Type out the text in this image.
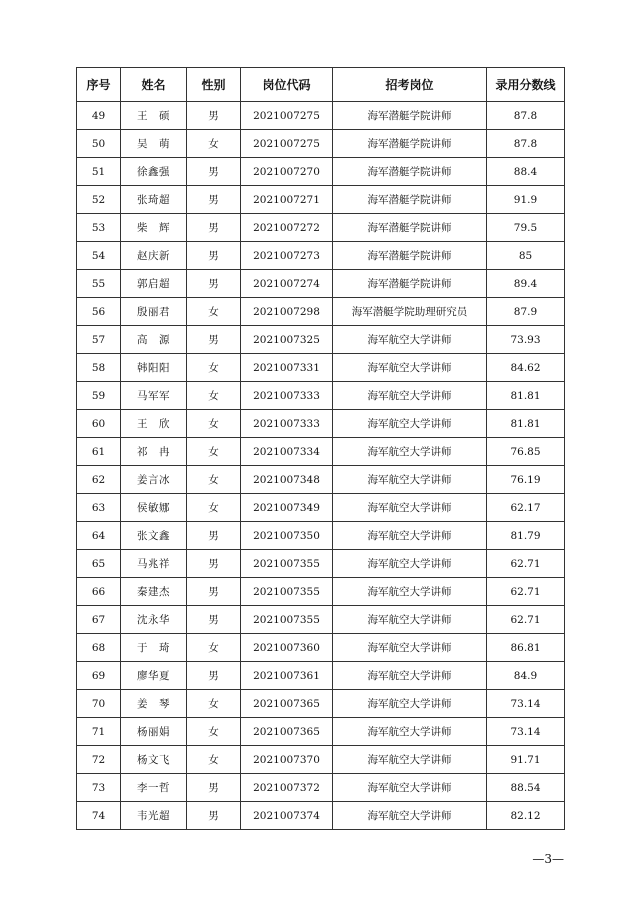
序号	姓名	性别	岗位代码	招考岗位	录用分数线
49	王　硕	男	2021007275	海军潜艇学院讲师	87.8
50	吴　萌	女	2021007275	海军潜艇学院讲师	87.8
51	徐鑫强	男	2021007270	海军潜艇学院讲师	88.4
52	张琦超	男	2021007271	海军潜艇学院讲师	91.9
53	柴　辉	男	2021007272	海军潜艇学院讲师	79.5
54	赵庆新	男	2021007273	海军潜艇学院讲师	85
55	郭启超	男	2021007274	海军潜艇学院讲师	89.4
56	殷丽君	女	2021007298	海军潜艇学院助理研究员	87.9
57	高　源	男	2021007325	海军航空大学讲师	73.93
58	韩阳阳	女	2021007331	海军航空大学讲师	84.62
59	马军军	女	2021007333	海军航空大学讲师	81.81
60	王　欣	女	2021007333	海军航空大学讲师	81.81
61	祁　冉	女	2021007334	海军航空大学讲师	76.85
62	姜言冰	女	2021007348	海军航空大学讲师	76.19
63	侯敏娜	女	2021007349	海军航空大学讲师	62.17
64	张文鑫	男	2021007350	海军航空大学讲师	81.79
65	马兆祥	男	2021007355	海军航空大学讲师	62.71
66	秦建杰	男	2021007355	海军航空大学讲师	62.71
67	沈永华	男	2021007355	海军航空大学讲师	62.71
68	于　琦	女	2021007360	海军航空大学讲师	86.81
69	廖华夏	男	2021007361	海军航空大学讲师	84.9
70	姜　琴	女	2021007365	海军航空大学讲师	73.14
71	杨丽娟	女	2021007365	海军航空大学讲师	73.14
72	杨文飞	女	2021007370	海军航空大学讲师	91.71
73	李一哲	男	2021007372	海军航空大学讲师	88.54
74	韦光超	男	2021007374	海军航空大学讲师	82.12
—3—
